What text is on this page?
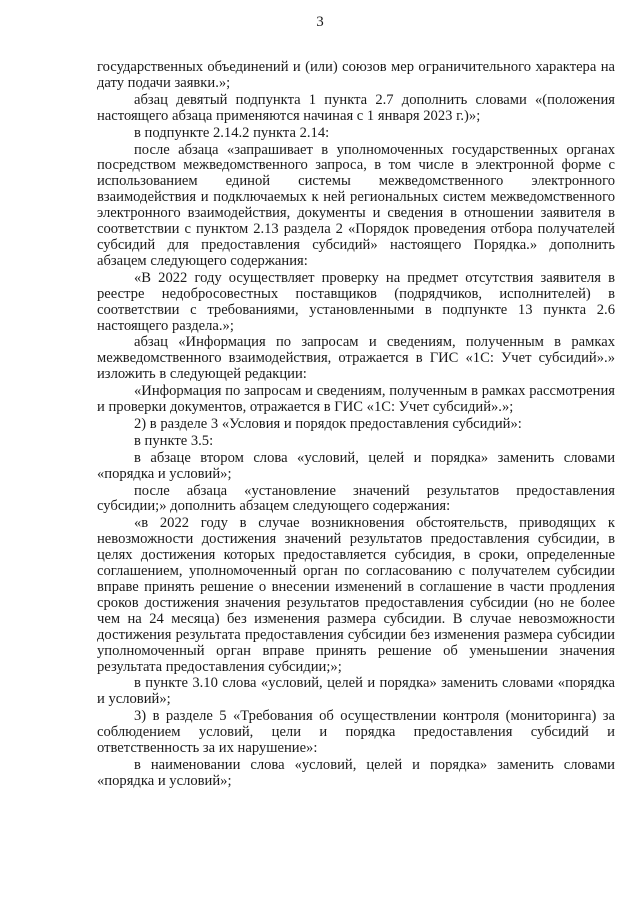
3

государственных объединений и (или) союзов мер ограничительного характера на дату подачи заявки.»;

абзац девятый подпункта 1 пункта 2.7 дополнить словами «(положения настоящего абзаца применяются начиная с 1 января 2023 г.)»;

в подпункте 2.14.2 пункта 2.14:

после абзаца «запрашивает в уполномоченных государственных органах посредством межведомственного запроса, в том числе в электронной форме с использованием единой системы межведомственного электронного взаимодействия и подключаемых к ней региональных систем межведомственного электронного взаимодействия, документы и сведения в отношении заявителя в соответствии с пунктом 2.13 раздела 2 «Порядок проведения отбора получателей субсидий для предоставления субсидий» настоящего Порядка.» дополнить абзацем следующего содержания:

«В 2022 году осуществляет проверку на предмет отсутствия заявителя в реестре недобросовестных поставщиков (подрядчиков, исполнителей) в соответствии с требованиями, установленными в подпункте 13 пункта 2.6 настоящего раздела.»;

абзац «Информация по запросам и сведениям, полученным в рамках межведомственного взаимодействия, отражается в ГИС «1С: Учет субсидий».» изложить в следующей редакции:

«Информация по запросам и сведениям, полученным в рамках рассмотрения и проверки документов, отражается в ГИС «1С: Учет субсидий».»;

2) в разделе 3 «Условия и порядок предоставления субсидий»:

в пункте 3.5:

в абзаце втором слова «условий, целей и порядка» заменить словами «порядка и условий»;

после абзаца «установление значений результатов предоставления субсидии;» дополнить абзацем следующего содержания:

«в 2022 году в случае возникновения обстоятельств, приводящих к невозможности достижения значений результатов предоставления субсидии, в целях достижения которых предоставляется субсидия, в сроки, определенные соглашением, уполномоченный орган по согласованию с получателем субсидии вправе принять решение о внесении изменений в соглашение в части продления сроков достижения значения результатов предоставления субсидии (но не более чем на 24 месяца) без изменения размера субсидии. В случае невозможности достижения результата предоставления субсидии без изменения размера субсидии уполномоченный орган вправе принять решение об уменьшении значения результата предоставления субсидии;»;

в пункте 3.10 слова «условий, целей и порядка» заменить словами «порядка и условий»;

3) в разделе 5 «Требования об осуществлении контроля (мониторинга) за соблюдением условий, цели и порядка предоставления субсидий и ответственность за их нарушение»:

в наименовании слова «условий, целей и порядка» заменить словами «порядка и условий»;
